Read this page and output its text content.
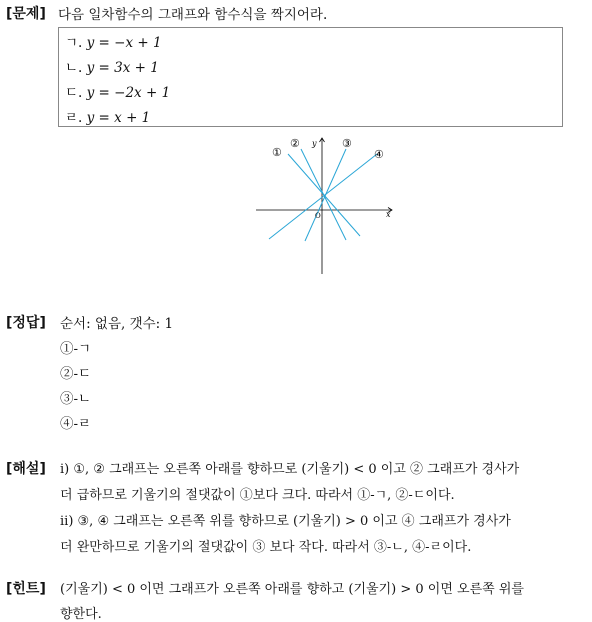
[문제] 다음 일차함수의 그래프와 함수식을 짝지어라.
ㄱ. y = −x + 1
ㄴ. y = 3x + 1
ㄷ. y = −2x + 1
ㄹ. y = x + 1
①
②	③
④
y
x
O
[정답] 순서: 없음, 갯수: 1
①-ㄱ
②-ㄷ
③-ㄴ
④-ㄹ
[해설] ⅰ) ①, ② 그래프는 오른쪽 아래를 향하므로 (기울기) < 0 이고 ② 그래프가 경사가
더 급하므로 기울기의 절댓값이 ①보다 크다. 따라서 ①-ㄱ, ②-ㄷ이다.
ⅱ) ③, ④ 그래프는 오른쪽 위를 향하므로 (기울기) > 0 이고 ④ 그래프가 경사가
더 완만하므로 기울기의 절댓값이 ③ 보다 작다. 따라서 ③-ㄴ, ④-ㄹ이다.
[힌트] (기울기) < 0 이면 그래프가 오른쪽 아래를 향하고 (기울기) > 0 이면 오른쪽 위를
향한다.
